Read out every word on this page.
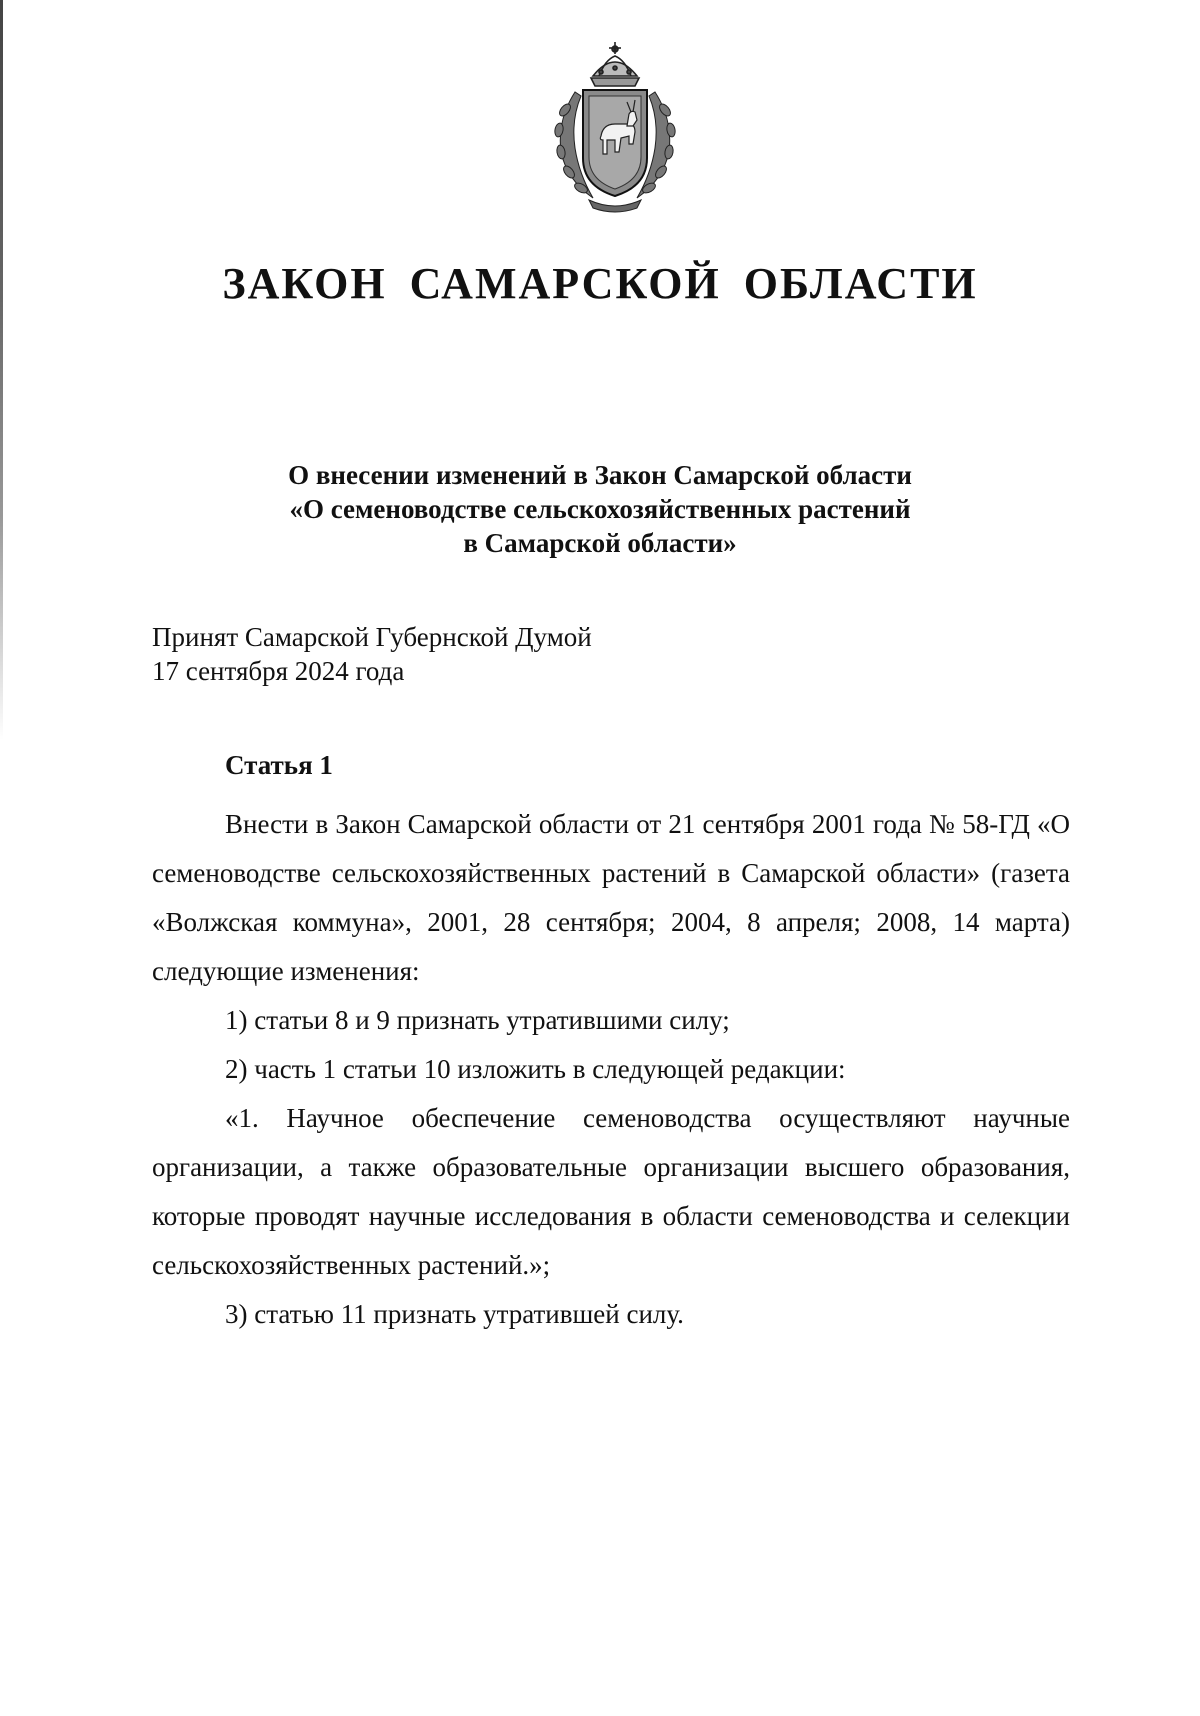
ЗАКОН САМАРСКОЙ ОБЛАСТИ
О внесении изменений в Закон Самарской области
«О семеноводстве сельскохозяйственных растений
в Самарской области»
Принят Самарской Губернской Думой
17 сентября 2024 года
Статья 1

Внести в Закон Самарской области от 21 сентября 2001 года № 58-ГД «О семеноводстве сельскохозяйственных растений в Самарской области» (газета «Волжская коммуна», 2001, 28 сентября; 2004, 8 апреля; 2008, 14 марта) следующие изменения:

1) статьи 8 и 9 признать утратившими силу;

2) часть 1 статьи 10 изложить в следующей редакции:

«1. Научное обеспечение семеноводства осуществляют научные организации, а также образовательные организации высшего образования, которые проводят научные исследования в области семеноводства и селекции сельскохозяйственных растений.»;

3) статью 11 признать утратившей силу.
